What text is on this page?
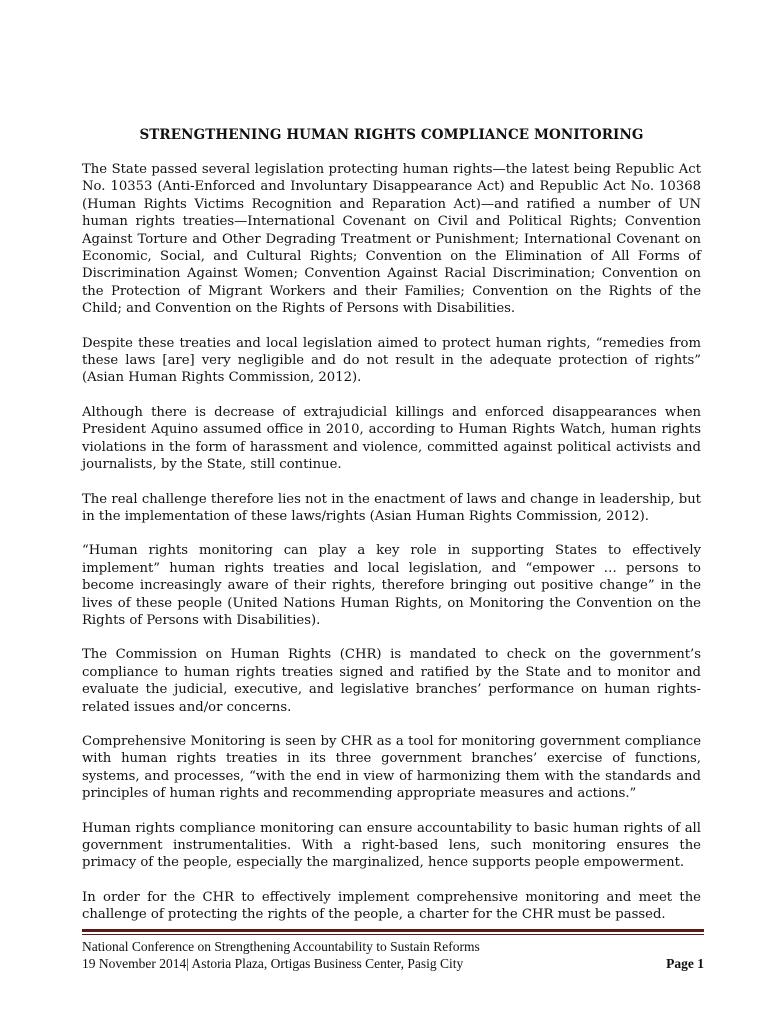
STRENGTHENING HUMAN RIGHTS COMPLIANCE MONITORING

The State passed several legislation protecting human rights—the latest being Republic Act No. 10353 (Anti-Enforced and Involuntary Disappearance Act) and Republic Act No. 10368 (Human Rights Victims Recognition and Reparation Act)—and ratified a number of UN human rights treaties—International Covenant on Civil and Political Rights; Convention Against Torture and Other Degrading Treatment or Punishment; International Covenant on Economic, Social, and Cultural Rights; Convention on the Elimination of All Forms of Discrimination Against Women; Convention Against Racial Discrimination; Convention on the Protection of Migrant Workers and their Families; Convention on the Rights of the Child; and Convention on the Rights of Persons with Disabilities.

Despite these treaties and local legislation aimed to protect human rights, “remedies from these laws [are] very negligible and do not result in the adequate protection of rights” (Asian Human Rights Commission, 2012).

Although there is decrease of extrajudicial killings and enforced disappearances when President Aquino assumed office in 2010, according to Human Rights Watch, human rights violations in the form of harassment and violence, committed against political activists and journalists, by the State, still continue.

The real challenge therefore lies not in the enactment of laws and change in leadership, but in the implementation of these laws/rights (Asian Human Rights Commission, 2012).

“Human rights monitoring can play a key role in supporting States to effectively implement” human rights treaties and local legislation, and “empower … persons to become increasingly aware of their rights, therefore bringing out positive change” in the lives of these people (United Nations Human Rights, on Monitoring the Convention on the Rights of Persons with Disabilities).

The Commission on Human Rights (CHR) is mandated to check on the government’s compliance to human rights treaties signed and ratified by the State and to monitor and evaluate the judicial, executive, and legislative branches’ performance on human rights-related issues and/or concerns.

Comprehensive Monitoring is seen by CHR as a tool for monitoring government compliance with human rights treaties in its three government branches’ exercise of functions, systems, and processes, “with the end in view of harmonizing them with the standards and principles of human rights and recommending appropriate measures and actions.”

Human rights compliance monitoring can ensure accountability to basic human rights of all government instrumentalities. With a right-based lens, such monitoring ensures the primacy of the people, especially the marginalized, hence supports people empowerment.

In order for the CHR to effectively implement comprehensive monitoring and meet the challenge of protecting the rights of the people, a charter for the CHR must be passed.

National Conference on Strengthening Accountability to Sustain Reforms
19 November 2014| Astoria Plaza, Ortigas Business Center, Pasig City	Page 1
